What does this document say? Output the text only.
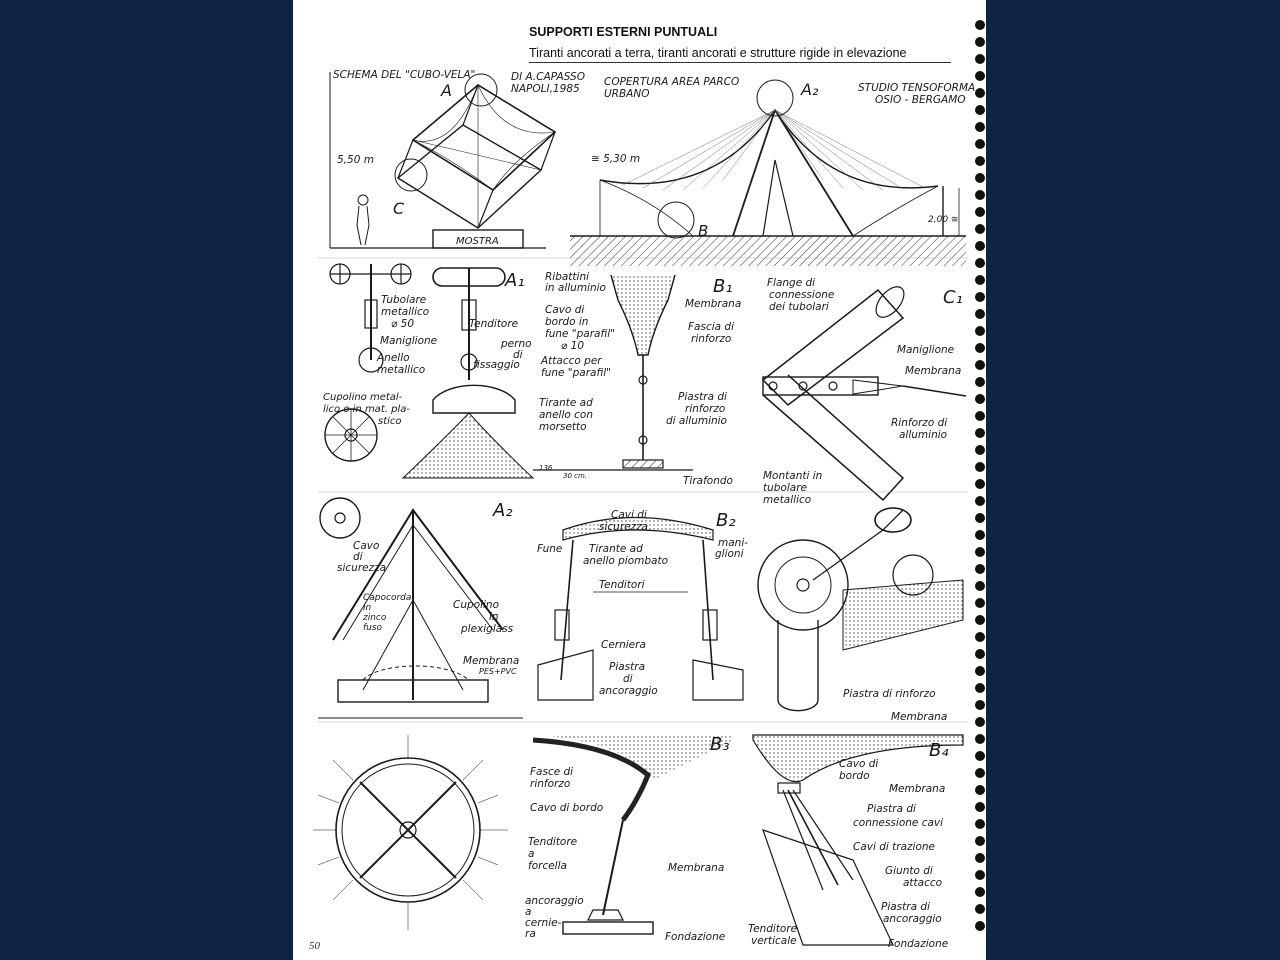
SUPPORTI ESTERNI PUNTUALI
Tiranti ancorati a terra, tiranti ancorati e strutture rigide in elevazione
SCHEMA DEL "CUBO-VELA"	DI A.CAPASSO
NAPOLI,1985
A
C
5,50 m
MOSTRA
COPERTURA AREA PARCO
URBANO	STUDIO TENSOFORMA
OSIO - BERGAMO
A₂
B
≅ 5,30 m
2,00 ≅
A₁
Tubolare
metallico
⌀ 50
Maniglione
Anello
metallico
Tenditore
perno
di
fissaggio
Cupolino metal-
lico o in mat. pla-
stico
B₁
Ribattini
in alluminio
Cavo di
bordo in
fune "parafil"
⌀ 10
Attacco per
fune "parafil"
Tirante ad
anello con
morsetto
Membrana
Fascia di
rinforzo
Piastra di
rinforzo
di alluminio
Tirafondo
136
30 cm.
C₁
Flange di
connessione
dei tubolari
Maniglione
Membrana
Rinforzo di
alluminio
Montanti in
tubolare
metallico
Piastra di rinforzo
Membrana
A₂
Cavo
di
sicurezza
Capocorda
in
zinco
fuso
Cupolino
in
plexiglass
Membrana
PES+PVC
B₂
Cavi di
sicurezza
Fune	Tirante ad
anello piombato
mani-
glioni
Tenditori
Cerniera
Piastra
di
ancoraggio
B₃
Fasce di
rinforzo
Cavo di bordo
Tenditore
a
forcella	Membrana
ancoraggio
a
cernie-
ra	Fondazione
B₄
Cavo di
bordo
Membrana
Piastra di
connessione cavi
Cavi di trazione
Giunto di
attacco
Piastra di
ancoraggio
Tenditore
verticale	Fondazione
50
